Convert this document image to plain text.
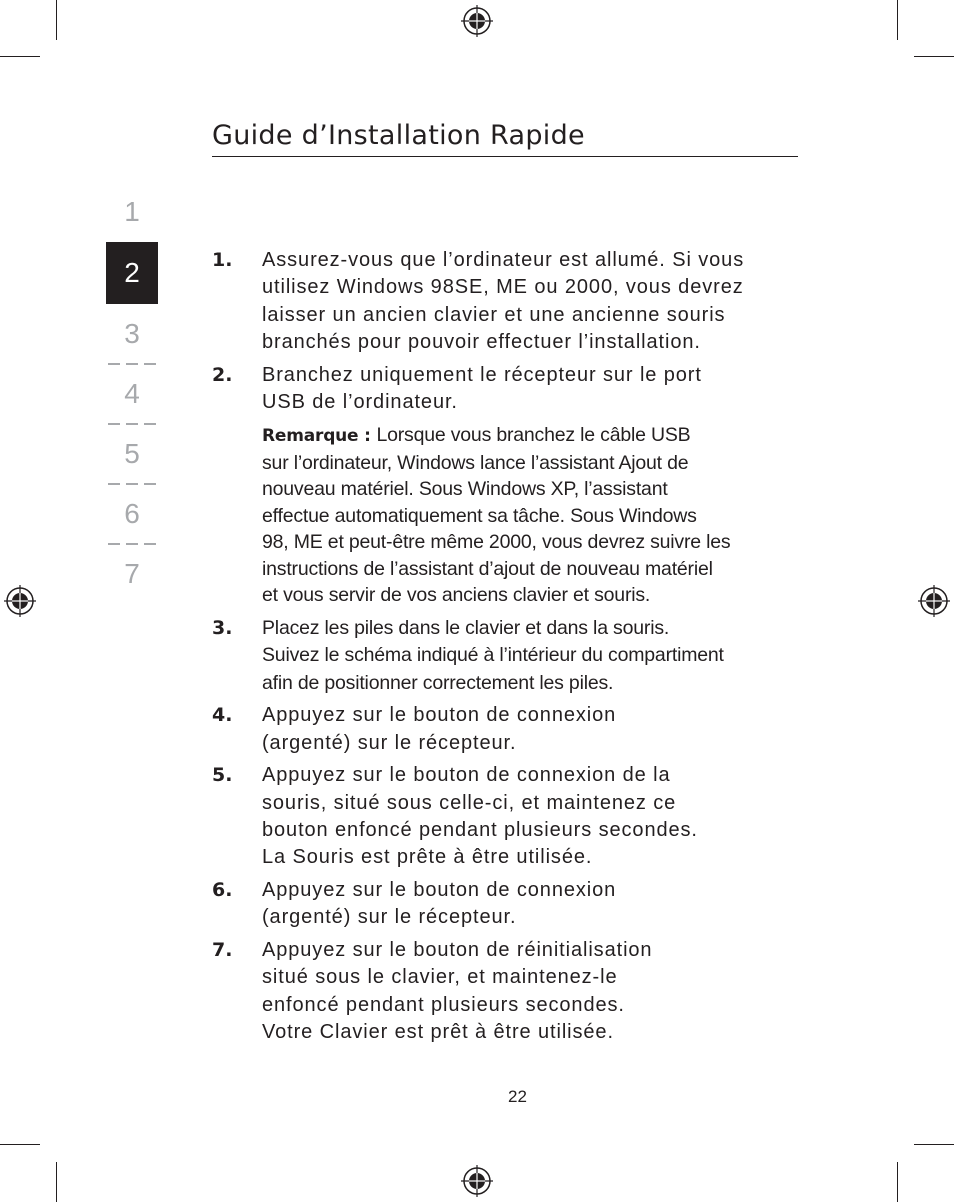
Guide d’Installation Rapide
1
2
3
4
5
6
7
1.	Assurez-vous que l’ordinateur est allumé. Si vous
utilisez Windows 98SE, ME ou 2000, vous devrez
laisser un ancien clavier et une ancienne souris
branchés pour pouvoir effectuer l’installation.
2.	Branchez uniquement le récepteur sur le port
USB de l’ordinateur.
Remarque : Lorsque vous branchez le câble USB
sur l’ordinateur, Windows lance l’assistant Ajout de
nouveau matériel. Sous Windows XP, l’assistant
effectue automatiquement sa tâche. Sous Windows
98, ME et peut-être même 2000, vous devrez suivre les
instructions de l’assistant d’ajout de nouveau matériel
et vous servir de vos anciens clavier et souris.
3.	Placez les piles dans le clavier et dans la souris.
Suivez le schéma indiqué à l’intérieur du compartiment
afin de positionner correctement les piles.
4.	Appuyez sur le bouton de connexion
(argenté) sur le récepteur.
5.	Appuyez sur le bouton de connexion de la
souris, situé sous celle-ci, et maintenez ce
bouton enfoncé pendant plusieurs secondes.
La Souris est prête à être utilisée.
6.	Appuyez sur le bouton de connexion
(argenté) sur le récepteur.
7.	Appuyez sur le bouton de réinitialisation
situé sous le clavier, et maintenez-le
enfoncé pendant plusieurs secondes.
Votre Clavier est prêt à être utilisée.
22
